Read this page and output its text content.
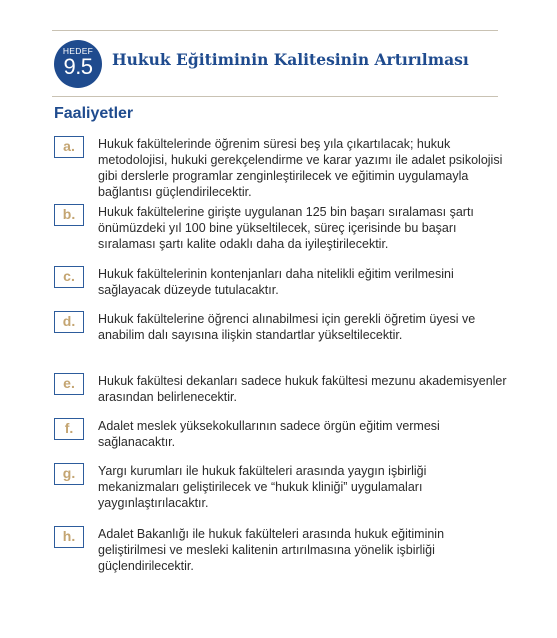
HEDEF
9.5	Hukuk Eğitiminin Kalitesinin Artırılması
Faaliyetler
a.	Hukuk fakültelerinde öğrenim süresi beş yıla çıkartılacak; hukuk metodolojisi, hukuki gerekçelendirme ve karar yazımı ile adalet psikolojisi gibi derslerle programlar zenginleştirilecek ve eğitimin uygulamayla bağlantısı güçlendirilecektir.
b.	Hukuk fakültelerine girişte uygulanan 125 bin başarı sıralaması şartı önümüzdeki yıl 100 bine yükseltilecek, süreç içerisinde bu başarı sıralaması şartı kalite odaklı daha da iyileştirilecektir.
c.	Hukuk fakültelerinin kontenjanları daha nitelikli eğitim verilmesini sağlayacak düzeyde tutulacaktır.
d.	Hukuk fakültelerine öğrenci alınabilmesi için gerekli öğretim üyesi ve anabilim dalı sayısına ilişkin standartlar yükseltilecektir.
e.	Hukuk fakültesi dekanları sadece hukuk fakültesi mezunu akademisyenler arasından belirlenecektir.
f.	Adalet meslek yüksekokullarının sadece örgün eğitim vermesi sağlanacaktır.
g.	Yargı kurumları ile hukuk fakülteleri arasında yaygın işbirliği mekanizmaları geliştirilecek ve “hukuk kliniği” uygulamaları yaygınlaştırılacaktır.
h.	Adalet Bakanlığı ile hukuk fakülteleri arasında hukuk eğitiminin geliştirilmesi ve mesleki kalitenin artırılmasına yönelik işbirliği güçlendirilecektir.
